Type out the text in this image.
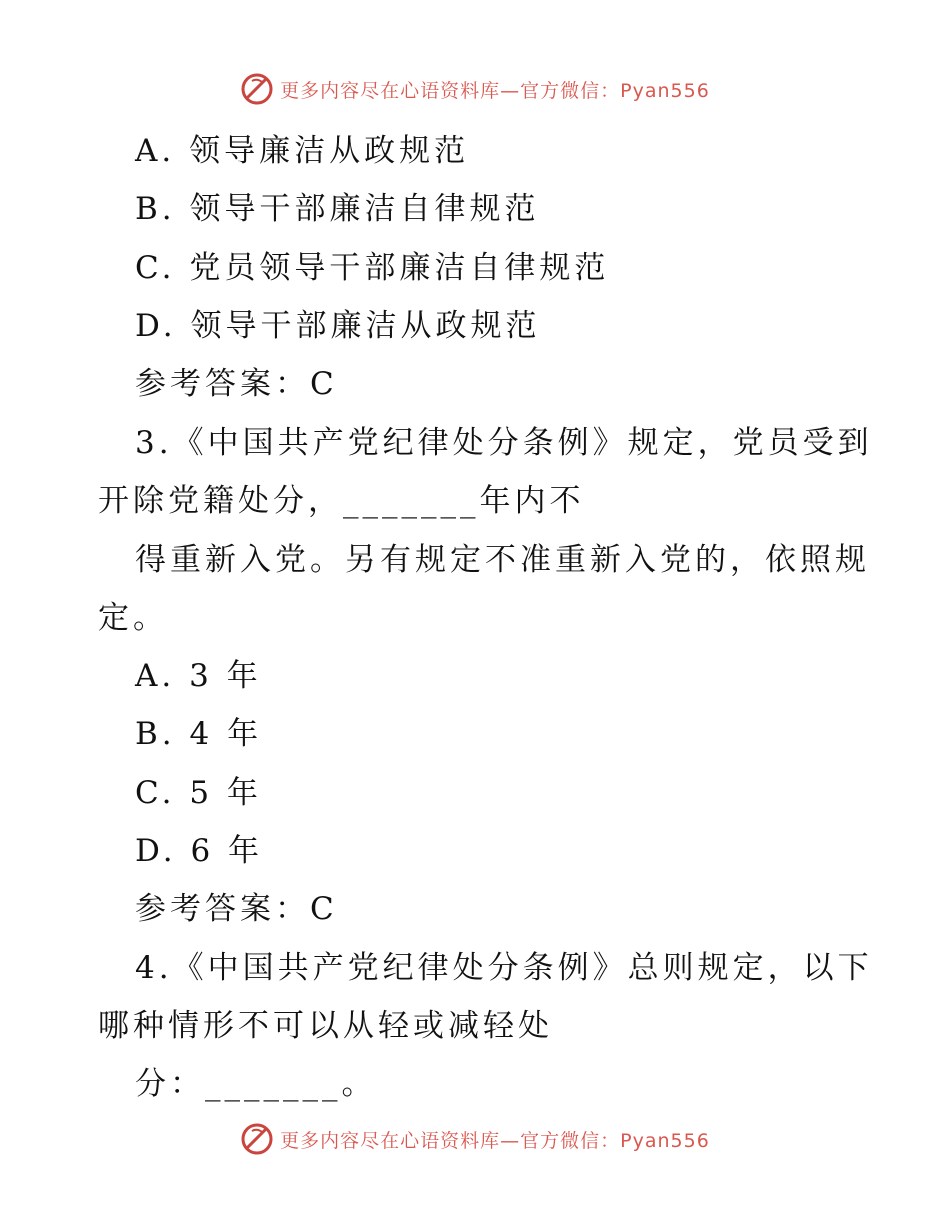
更多内容尽在心语资料库—官方微信：Pyan556
A. 领导廉洁从政规范
B. 领导干部廉洁自律规范
C. 党员领导干部廉洁自律规范
D. 领导干部廉洁从政规范
参考答案：C
3.《中国共产党纪律处分条例》规定，党员受到
开除党籍处分，_______年内不
得重新入党。另有规定不准重新入党的，依照规
定。
A. 3 年
B. 4 年
C. 5 年
D. 6 年
参考答案：C
4.《中国共产党纪律处分条例》总则规定，以下
哪种情形不可以从轻或减轻处
分：_______。
更多内容尽在心语资料库—官方微信：Pyan556
